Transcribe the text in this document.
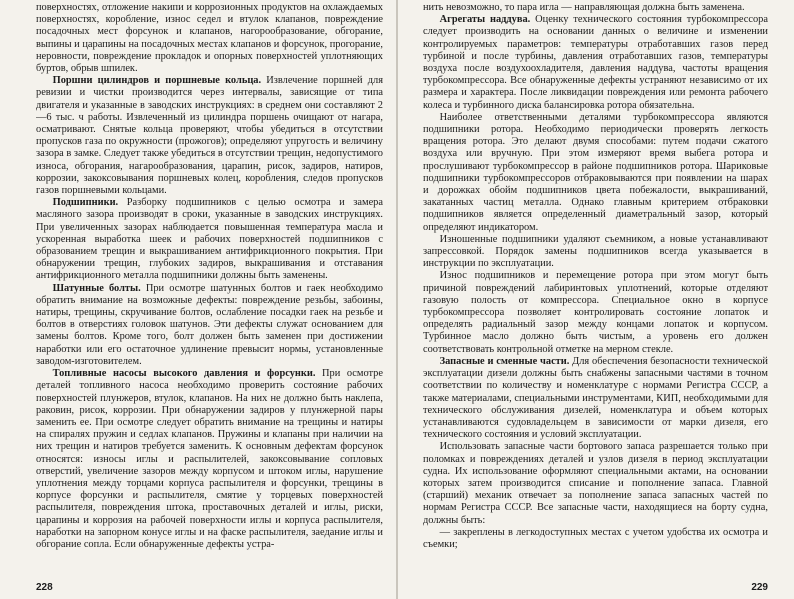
поверхностях, отложение накипи и коррозионных продуктов на охлаждаемых поверхностях, коробление, износ седел и втулок клапанов, повреждение посадочных мест форсунок и клапанов, нагорообразование, обгорание, выпины и царапины на посадочных местах клапанов и форсунок, прогорание, неровности, повреждение прокладок и опорных поверхностей уплотняющих буртов, обрыв шпилек.

Поршни цилиндров и поршневые кольца. Извлечение поршней для ревизии и чистки производится через интервалы, зависящие от типа двигателя и указанные в заводских инструкциях: в среднем они составляют 2—6 тыс. ч работы. Извлеченный из цилиндра поршень очищают от нагара, осматривают. Снятые кольца проверяют, чтобы убедиться в отсутствии пропусков газа по окружности (прожогов); определяют упругость и величину зазора в замке. Следует также убедиться в отсутствии трещин, недопустимого износа, обгорания, нагарообразования, царапин, рисок, задиров, натиров, коррозии, закоксовывания поршневых колец, коробления, следов пропусков газов поршневыми кольцами.

Подшипники. Разборку подшипников с целью осмотра и замера масляного зазора производят в сроки, указанные в заводских инструкциях. При увеличенных зазорах наблюдается повышенная температура масла и ускоренная выработка шеек и рабочих поверхностей подшипников с образованием трещин и выкрашиванием антифрикционного покрытия. При обнаружении трещин, глубоких задиров, выкрашивания и отставания антифрикционного металла подшипники должны быть заменены.

Шатунные болты. При осмотре шатунных болтов и гаек необходимо обратить внимание на возможные дефекты: повреждение резьбы, забоины, натиры, трещины, скручивание болтов, ослабление посадки гаек на резьбе и болтов в отверстиях головок шатунов. Эти дефекты служат основанием для замены болтов. Кроме того, болт должен быть заменен при достижении наработки или его остаточное удлинение превысит нормы, установленные заводом-изготовителем.

Топливные насосы высокого давления и форсунки. При осмотре деталей топливного насоса необходимо проверить состояние рабочих поверхностей плунжеров, втулок, клапанов. На них не должно быть наклепа, раковин, рисок, коррозии. При обнаружении задиров у плунжерной пары заменить ее. При осмотре следует обратить внимание на трещины и натиры на спиралях пружин и седлах клапанов. Пружины и клапаны при наличии на них трещин и натиров требуется заменить. К основным дефектам форсунок относятся: износы иглы и распылителей, закоксовывание сопловых отверстий, увеличение зазоров между корпусом и штоком иглы, нарушение уплотнения между торцами корпуса распылителя и форсунки, трещины в корпусе форсунки и распылителя, смятие у торцевых поверхностей распылителя, повреждения штока, проставочных деталей и иглы, риски, царапины и коррозия на рабочей поверхности иглы и корпуса распылителя, наработки на запорном конусе иглы и на фаске распылителя, заедание иглы и обгорание сопла. Если обнаруженные дефекты устра-

228

нить невозможно, то пара игла — направляющая должна быть заменена.

Агрегаты наддува. Оценку технического состояния турбокомпрессора следует производить на основании данных о величине и изменении контролируемых параметров: температуры отработавших газов перед турбиной и после турбины, давления отработавших газов, температуры воздуха после воздухоохладителя, давления наддува, частоты вращения турбокомпрессора. Все обнаруженные дефекты устраняют независимо от их размера и характера. После ликвидации повреждения или ремонта рабочего колеса и турбинного диска балансировка ротора обязательна.

Наиболее ответственными деталями турбокомпрессора являются подшипники ротора. Необходимо периодически проверять легкость вращения ротора. Это делают двумя способами: путем подачи сжатого воздуха или вручную. При этом измеряют время выбега ротора и прослушивают турбокомпрессор в районе подшипников ротора. Шариковые подшипники турбокомпрессоров отбраковываются при появлении на шарах и дорожках обойм подшипников цвета побежалости, выкрашиваний, закатанных частиц металла. Однако главным критерием отбраковки подшипников является определенный диаметральный зазор, который определяют индикатором.

Изношенные подшипники удаляют съемником, а новые устанавливают запрессовкой. Порядок замены подшипников всегда указывается в инструкции по эксплуатации.

Износ подшипников и перемещение ротора при этом могут быть причиной повреждений лабиринтовых уплотнений, которые отделяют газовую полость от компрессора. Специальное окно в корпусе турбокомпрессора позволяет контролировать состояние лопаток и определять радиальный зазор между концами лопаток и корпусом. Турбинное масло должно быть чистым, а уровень его должен соответствовать контрольной отметке на мерном стекле.

Запасные и сменные части. Для обеспечения безопасности технической эксплуатации дизели должны быть снабжены запасными частями в точном соответствии по количеству и номенклатуре с нормами Регистра СССР, а также материалами, специальными инструментами, КИП, необходимыми для технического обслуживания дизелей, номенклатура и объем которых устанавливаются судовладельцем в зависимости от марки дизеля, его технического состояния и условий эксплуатации.

Использовать запасные части бортового запаса разрешается только при поломках и повреждениях деталей и узлов дизеля в период эксплуатации судна. Их использование оформляют специальными актами, на основании которых затем производится списание и пополнение запаса. Главной (старший) механик отвечает за пополнение запаса запасных частей по нормам Регистра СССР. Все запасные части, находящиеся на борту судна, должны быть:

— закреплены в легкодоступных местах с учетом удобства их осмотра и съемки;

229
